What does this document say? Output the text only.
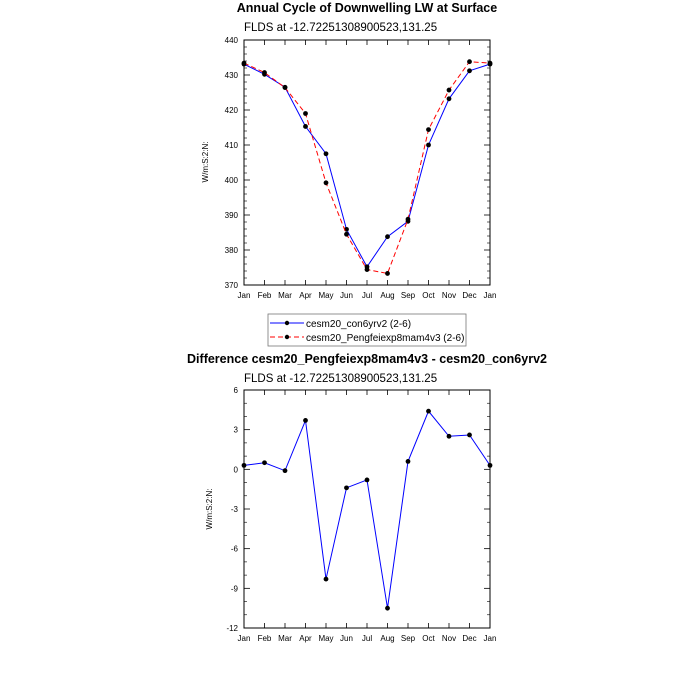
Annual Cycle of Downwelling LW at Surface
FLDS at -12.72251308900523,131.25
W/m:S:2:N:
Jan Feb Mar Apr May Jun Jul Aug Sep Oct Nov Dec Jan
370
380
390
400
410
420
430
440
cesm20_con6yrv2 (2-6)
cesm20_Pengfeiexp8mam4v3 (2-6)
Difference cesm20_Pengfeiexp8mam4v3 - cesm20_con6yrv2
FLDS at -12.72251308900523,131.25
W/m:S:2:N:
Jan Feb Mar Apr May Jun Jul Aug Sep Oct Nov Dec Jan
-12
-9
-6
-3
0
3
6
